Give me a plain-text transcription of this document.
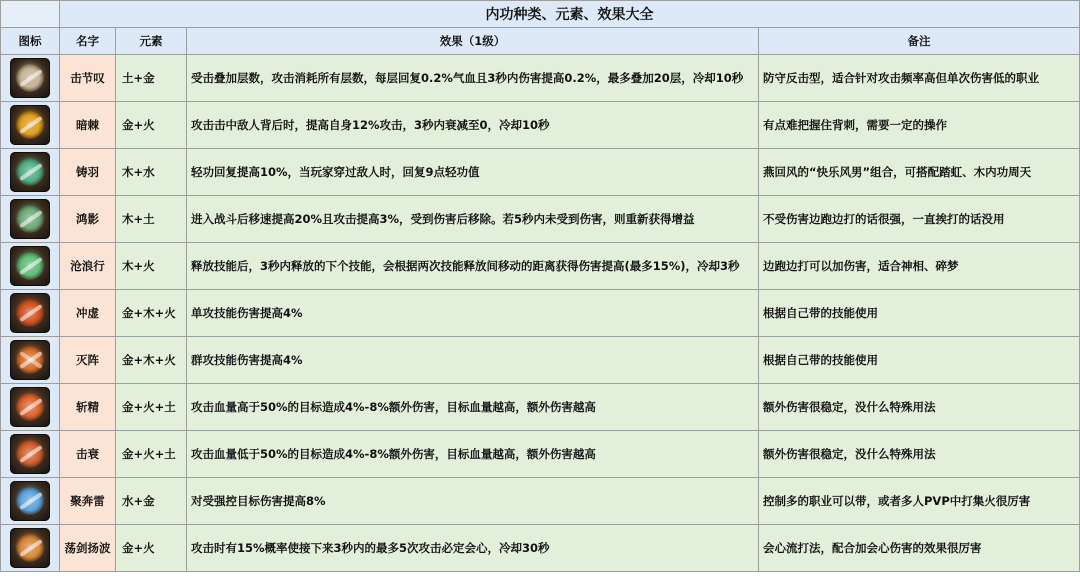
	内功种类、元素、效果大全			
图标	名字	元素	效果（1级）	备注

	击节叹	土+金	受击叠加层数，攻击消耗所有层数，每层回复0.2%气血且3秒内伤害提高0.2%，最多叠加20层，冷却10秒	防守反击型，适合针对攻击频率高但单次伤害低的职业

	暗棘	金+火	攻击击中敌人背后时，提高自身12%攻击，3秒内衰减至0，冷却10秒	有点难把握住背刺，需要一定的操作

	铸羽	木+水	轻功回复提高10%，当玩家穿过敌人时，回复9点轻功值	燕回风的“快乐风男”组合，可搭配踏虹、木内功周天

	鸿影	木+土	进入战斗后移速提高20%且攻击提高3%，受到伤害后移除。若5秒内未受到伤害，则重新获得增益	不受伤害边跑边打的话很强，一直挨打的话没用

	沧浪行	木+火	释放技能后，3秒内释放的下个技能，会根据两次技能释放间移动的距离获得伤害提高(最多15%)，冷却3秒	边跑边打可以加伤害，适合神相、碎梦

	冲虚	金+木+火	单攻技能伤害提高4%	根据自己带的技能使用

	灭阵	金+木+火	群攻技能伤害提高4%	根据自己带的技能使用

	斩精	金+火+土	攻击血量高于50%的目标造成4%-8%额外伤害，目标血量越高，额外伤害越高	额外伤害很稳定，没什么特殊用法

	击衰	金+火+土	攻击血量低于50%的目标造成4%-8%额外伤害，目标血量越高，额外伤害越高	额外伤害很稳定，没什么特殊用法

	聚奔雷	水+金	对受强控目标伤害提高8%	控制多的职业可以带，或者多人PVP中打集火很厉害

	荡剑扬波	金+火	攻击时有15%概率使接下来3秒内的最多5次攻击必定会心，冷却30秒	会心流打法，配合加会心伤害的效果很厉害
